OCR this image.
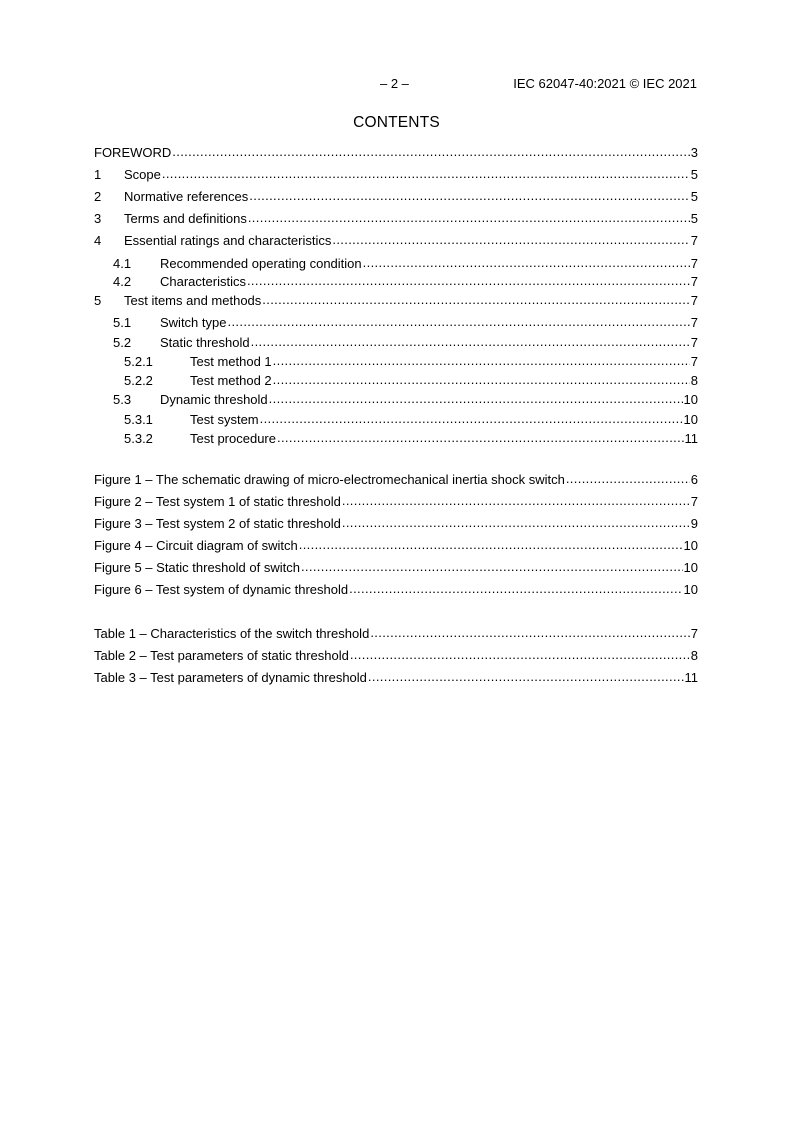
– 2 –	IEC 62047-40:2021 © IEC 2021
CONTENTS
FOREWORD .....	3
1	Scope .....	5
2	Normative references .....	5
3	Terms and definitions .....	5
4	Essential ratings and characteristics .....	7
4.1	Recommended operating condition .....	7
4.2	Characteristics .....	7
5	Test items and methods .....	7
5.1	Switch type .....	7
5.2	Static threshold .....	7
5.2.1	Test method 1 .....	7
5.2.2	Test method 2 .....	8
5.3	Dynamic threshold .....	10
5.3.1	Test system .....	10
5.3.2	Test procedure .....	11
Figure 1 – The schematic drawing of micro-electromechanical inertia shock switch .....	6
Figure 2 – Test system 1 of static threshold .....	7
Figure 3 – Test system 2 of static threshold .....	9
Figure 4 – Circuit diagram of switch .....	10
Figure 5 – Static threshold of switch .....	10
Figure 6 – Test system of dynamic threshold .....	10
Table 1 – Characteristics of the switch threshold .....	7
Table 2 – Test parameters of static threshold .....	8
Table 3 – Test parameters of dynamic threshold .....	11
